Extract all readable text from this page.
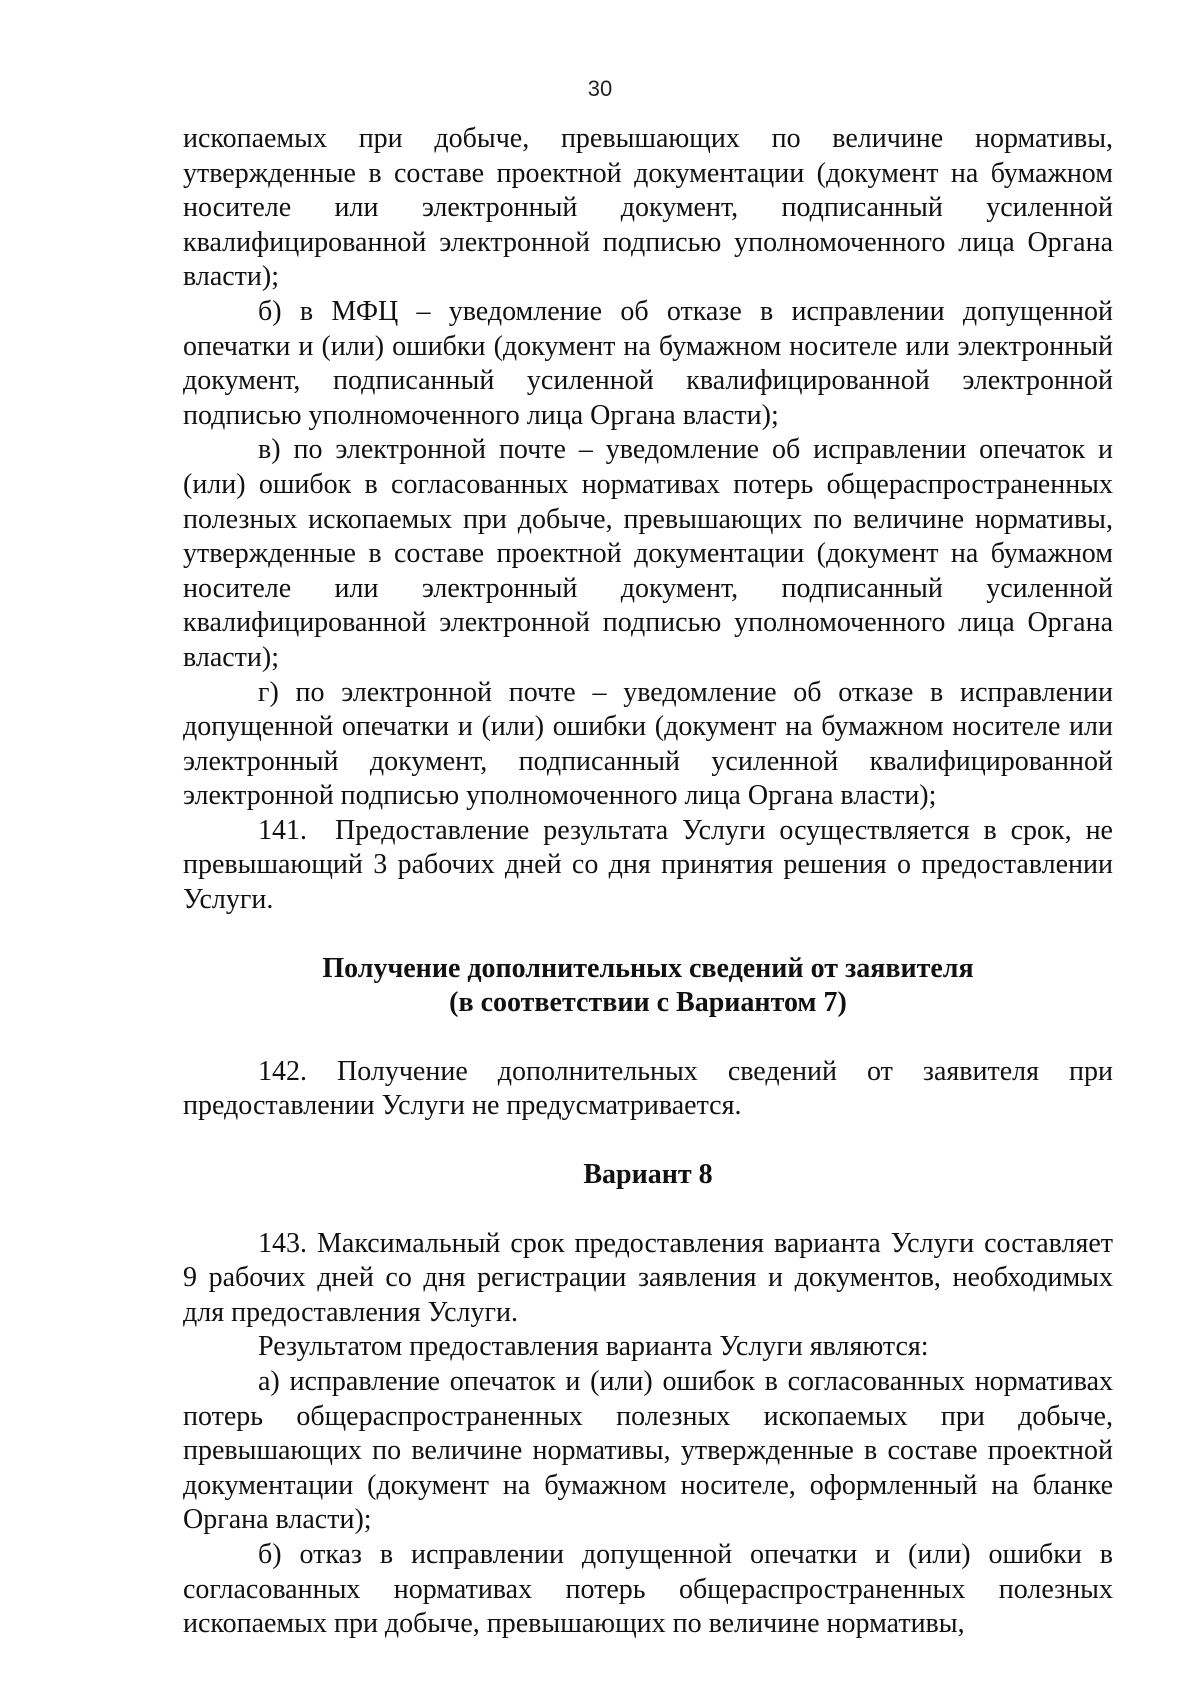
30

ископаемых при добыче, превышающих по величине нормативы, утвержденные в составе проектной документации (документ на бумажном носителе или электронный документ, подписанный усиленной квалифицированной электронной подписью уполномоченного лица Органа власти);

б) в МФЦ – уведомление об отказе в исправлении допущенной опечатки и (или) ошибки (документ на бумажном носителе или электронный документ, подписанный усиленной квалифицированной электронной подписью уполномоченного лица Органа власти);

в) по электронной почте – уведомление об исправлении опечаток и (или) ошибок в согласованных нормативах потерь общераспространенных полезных ископаемых при добыче, превышающих по величине нормативы, утвержденные в составе проектной документации (документ на бумажном носителе или электронный документ, подписанный усиленной квалифицированной электронной подписью уполномоченного лица Органа власти);

г) по электронной почте – уведомление об отказе в исправлении допущенной опечатки и (или) ошибки (документ на бумажном носителе или электронный документ, подписанный усиленной квалифицированной электронной подписью уполномоченного лица Органа власти);

141. Предоставление результата Услуги осуществляется в срок, не превышающий 3 рабочих дней со дня принятия решения о предоставлении Услуги.

Получение дополнительных сведений от заявителя

(в соответствии с Вариантом 7)

142. Получение дополнительных сведений от заявителя при предоставлении Услуги не предусматривается.

Вариант 8

143. Максимальный срок предоставления варианта Услуги составляет 9 рабочих дней со дня регистрации заявления и документов, необходимых для предоставления Услуги.

Результатом предоставления варианта Услуги являются:

а) исправление опечаток и (или) ошибок в согласованных нормативах потерь общераспространенных полезных ископаемых при добыче, превышающих по величине нормативы, утвержденные в составе проектной документации (документ на бумажном носителе, оформленный на бланке Органа власти);

б) отказ в исправлении допущенной опечатки и (или) ошибки в согласованных нормативах потерь общераспространенных полезных ископаемых при добыче, превышающих по величине нормативы,
